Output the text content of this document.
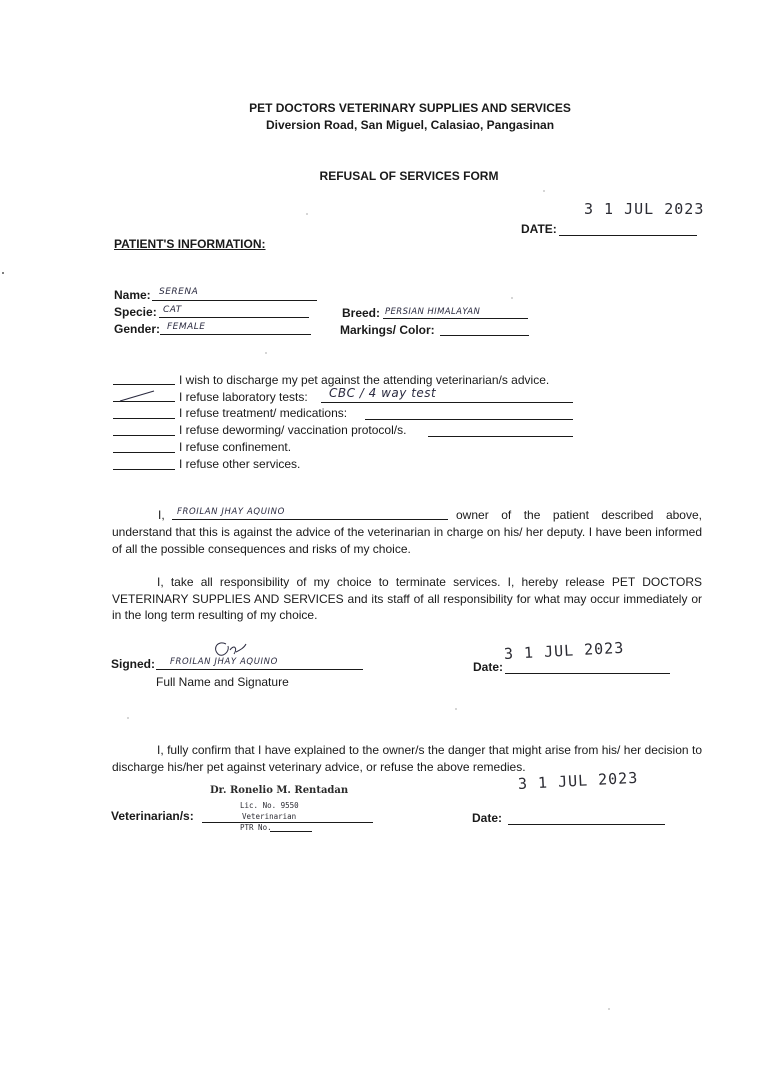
PET DOCTORS VETERINARY SUPPLIES AND SERVICES
Diversion Road, San Miguel, Calasiao, Pangasinan
REFUSAL OF SERVICES FORM
3 1 JUL 2023
DATE:
PATIENT'S INFORMATION:
Name: SERENA
Specie: CAT
Gender: FEMALE
Breed: PERSIAN HIMALAYAN
Markings/ Color:
I wish to discharge my pet against the attending veterinarian/s advice.
I refuse laboratory tests: CBC / 4 way test
I refuse treatment/ medications:
I refuse deworming/ vaccination protocol/s.
I refuse confinement.
I refuse other services.
I, FROILAN JHAY AQUINO	owner of the patient described above,
understand that this is against the advice of the veterinarian in charge on his/ her deputy. I have been informed of all the possible consequences and risks of my choice.
I, take all responsibility of my choice to terminate services. I, hereby release PET DOCTORS VETERINARY SUPPLIES AND SERVICES and its staff of all responsibility for what may occur immediately or in the long term resulting of my choice.
Signed: FROILAN JHAY AQUINO
Full Name and Signature
Date:
3 1 JUL 2023
I, fully confirm that I have explained to the owner/s the danger that might arise from his/ her decision to discharge his/her pet against veterinary advice, or refuse the above remedies.
Dr. Ronelio M. Rentadan
Lic. No. 9550
Veterinarian
PTR No.
Veterinarian/s:	Date:
3 1 JUL 2023
